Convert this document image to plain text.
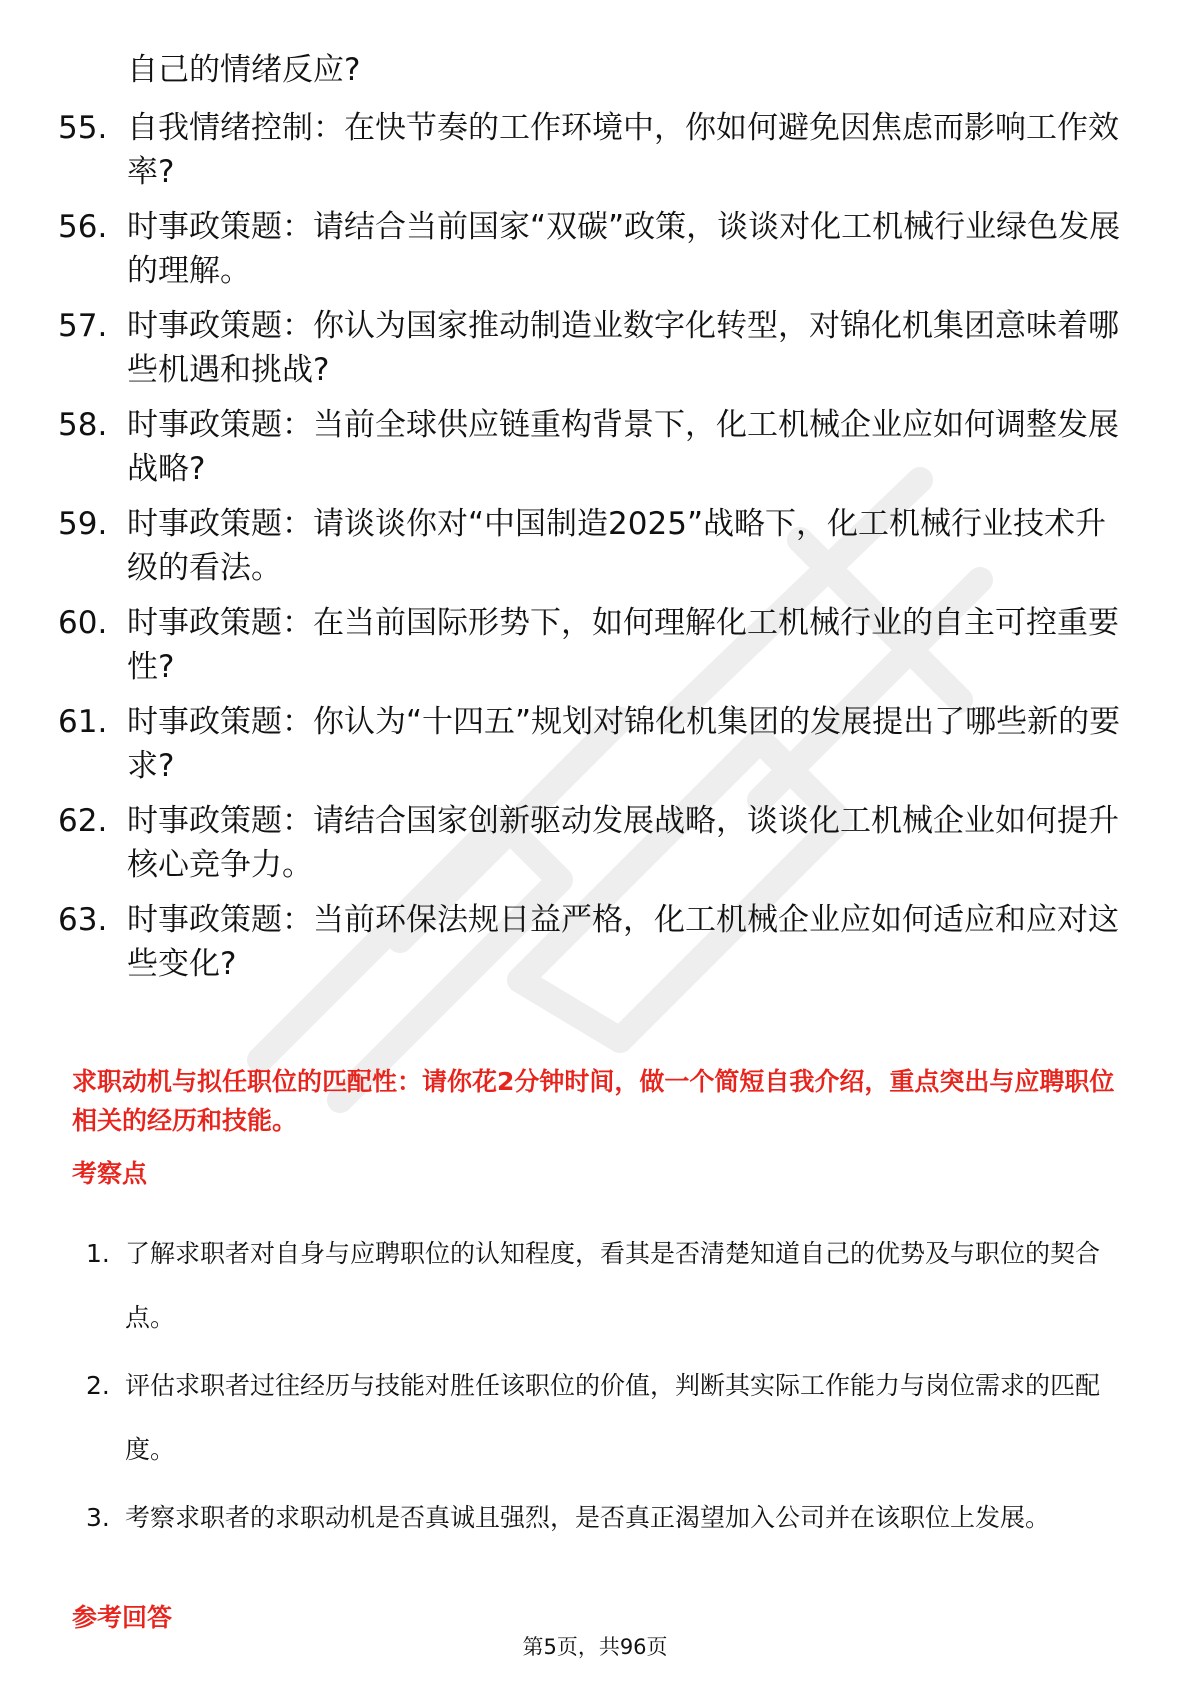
自己的情绪反应?
55. 自我情绪控制：在快节奏的工作环境中，你如何避免因焦虑而影响工作效率?
56. 时事政策题：请结合当前国家“双碳”政策，谈谈对化工机械行业绿色发展的理解。
57. 时事政策题：你认为国家推动制造业数字化转型，对锦化机集团意味着哪些机遇和挑战?
58. 时事政策题：当前全球供应链重构背景下，化工机械企业应如何调整发展战略?
59. 时事政策题：请谈谈你对“中国制造2025”战略下，化工机械行业技术升级的看法。
60. 时事政策题：在当前国际形势下，如何理解化工机械行业的自主可控重要性?
61. 时事政策题：你认为“十四五”规划对锦化机集团的发展提出了哪些新的要求?
62. 时事政策题：请结合国家创新驱动发展战略，谈谈化工机械企业如何提升核心竞争力。
63. 时事政策题：当前环保法规日益严格，化工机械企业应如何适应和应对这些变化?
求职动机与拟任职位的匹配性：请你花2分钟时间，做一个简短自我介绍，重点突出与应聘职位相关的经历和技能。
考察点
1. 了解求职者对自身与应聘职位的认知程度，看其是否清楚知道自己的优势及与职位的契合点。
2. 评估求职者过往经历与技能对胜任该职位的价值，判断其实际工作能力与岗位需求的匹配度。
3. 考察求职者的求职动机是否真诚且强烈，是否真正渴望加入公司并在该职位上发展。
参考回答
第5页，共96页
